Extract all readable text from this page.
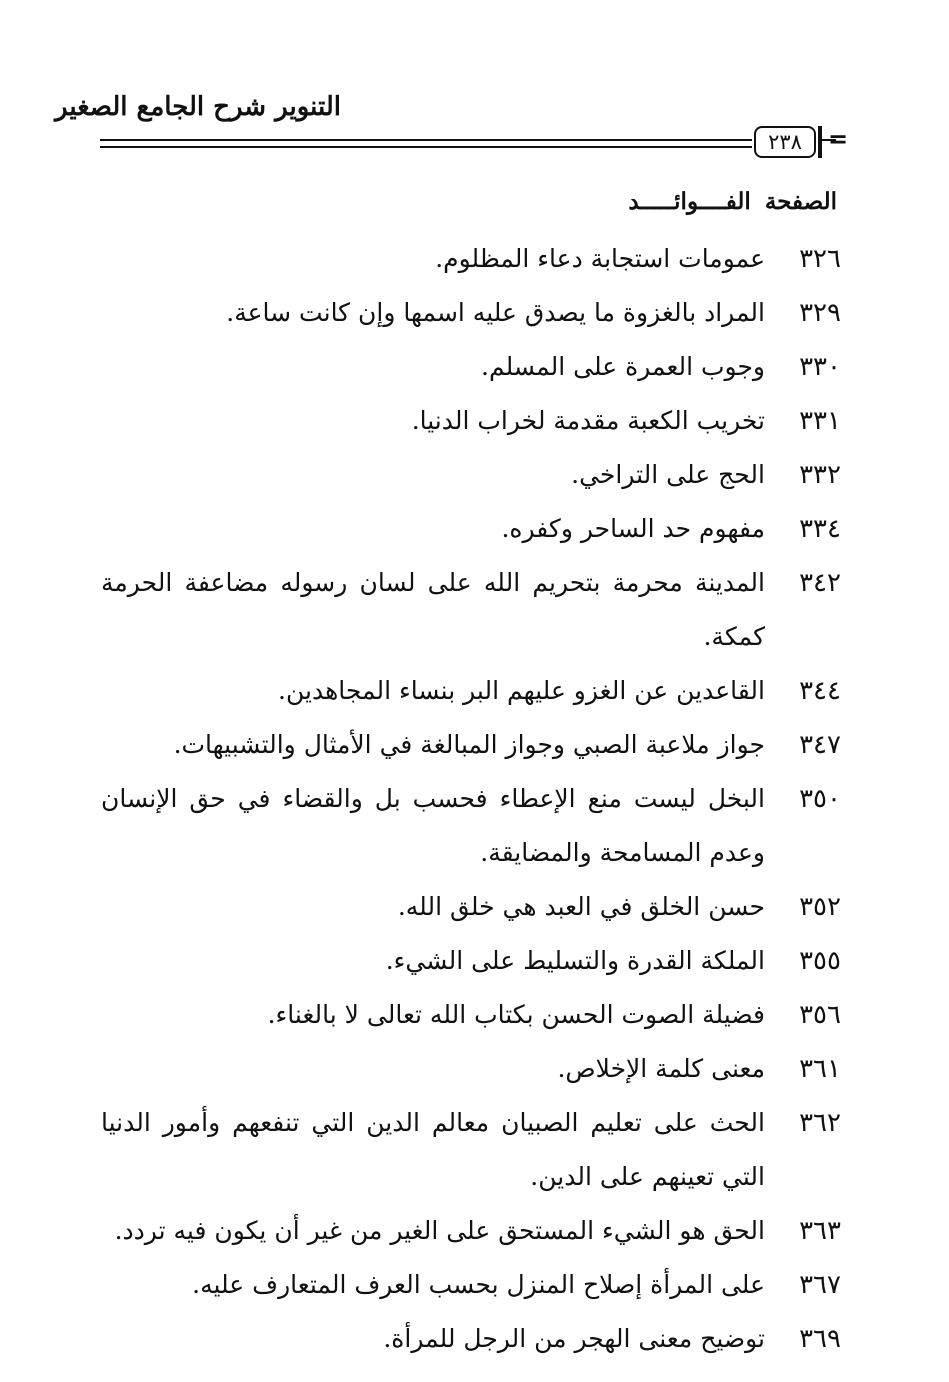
التنوير شرح الجامع الصغير
٢٣٨	=
الصفحة الفــــوائـــــد
٣٢٦
عمومات استجابة دعاء المظلوم.
٣٢٩
المراد بالغزوة ما يصدق عليه اسمها وإن كانت ساعة.
٣٣٠
وجوب العمرة على المسلم.
٣٣١
تخريب الكعبة مقدمة لخراب الدنيا.
٣٣٢
الحج على التراخي.
٣٣٤
مفهوم حد الساحر وكفره.
٣٤٢
المدينة محرمة بتحريم الله على لسان رسوله مضاعفة الحرمة كمكة.
٣٤٤
القاعدين عن الغزو عليهم البر بنساء المجاهدين.
٣٤٧
جواز ملاعبة الصبي وجواز المبالغة في الأمثال والتشبيهات.
٣٥٠
البخل ليست منع الإعطاء فحسب بل والقضاء في حق الإنسان وعدم المسامحة والمضايقة.
٣٥٢
حسن الخلق في العبد هي خلق الله.
٣٥٥
الملكة القدرة والتسليط على الشيء.
٣٥٦
فضيلة الصوت الحسن بكتاب الله تعالى لا بالغناء.
٣٦١
معنى كلمة الإخلاص.
٣٦٢
الحث على تعليم الصبيان معالم الدين التي تنفعهم وأمور الدنيا التي تعينهم على الدين.
٣٦٣
الحق هو الشيء المستحق على الغير من غير أن يكون فيه تردد.
٣٦٧
على المرأة إصلاح المنزل بحسب العرف المتعارف عليه.
٣٦٩
توضيح معنى الهجر من الرجل للمرأة.
